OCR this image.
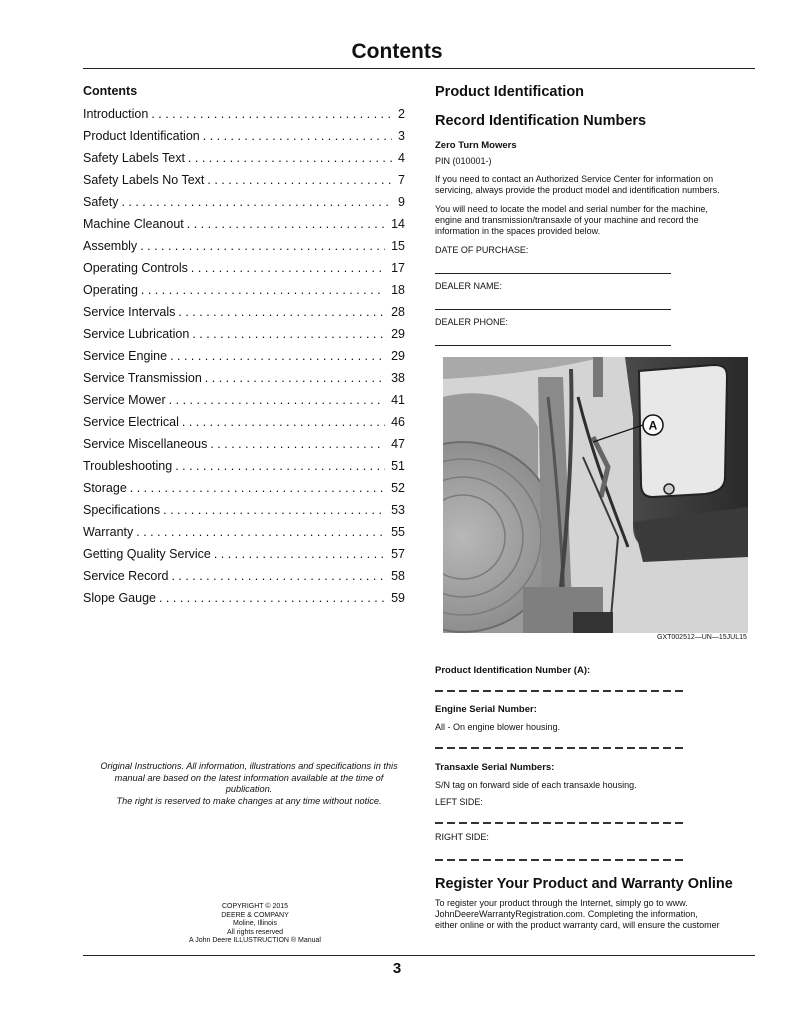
Contents
Contents
Introduction . . .	2
Product Identification . . .	3
Safety Labels Text . . .	4
Safety Labels No Text . . .	7
Safety . . .	9
Machine Cleanout . . .	14
Assembly . . .	15
Operating Controls . . .	17
Operating . . .	18
Service Intervals . . .	28
Service Lubrication . . .	29
Service Engine . . .	29
Service Transmission . . .	38
Service Mower . . .	41
Service Electrical . . .	46
Service Miscellaneous . . .	47
Troubleshooting . . .	51
Storage . . .	52
Specifications . . .	53
Warranty . . .	55
Getting Quality Service . . .	57
Service Record . . .	58
Slope Gauge . . .	59
Original Instructions. All information, illustrations and specifications in this
manual are based on the latest information available at the time of
publication.
The right is reserved to make changes at any time without notice.
COPYRIGHT © 2015
DEERE & COMPANY
Moline, Illinois
All rights reserved
A John Deere ILLUSTRUCTION ® Manual
Product Identification
Record Identification Numbers
Zero Turn Mowers
PIN (010001-)
If you need to contact an Authorized Service Center for information on
servicing, always provide the product model and identification numbers.
You will need to locate the model and serial number for the machine,
engine and transmission/transaxle of your machine and record the
information in the spaces provided below.
DATE OF PURCHASE:
DEALER NAME:
DEALER PHONE:
A
GXT002512—UN—15JUL15
Product Identification Number (A):
Engine Serial Number:
All - On engine blower housing.
Transaxle Serial Numbers:
S/N tag on forward side of each transaxle housing.
LEFT SIDE:
RIGHT SIDE:
Register Your Product and Warranty Online
To register your product through the Internet, simply go to www.
JohnDeereWarrantyRegistration.com. Completing the information,
either online or with the product warranty card, will ensure the customer
3
